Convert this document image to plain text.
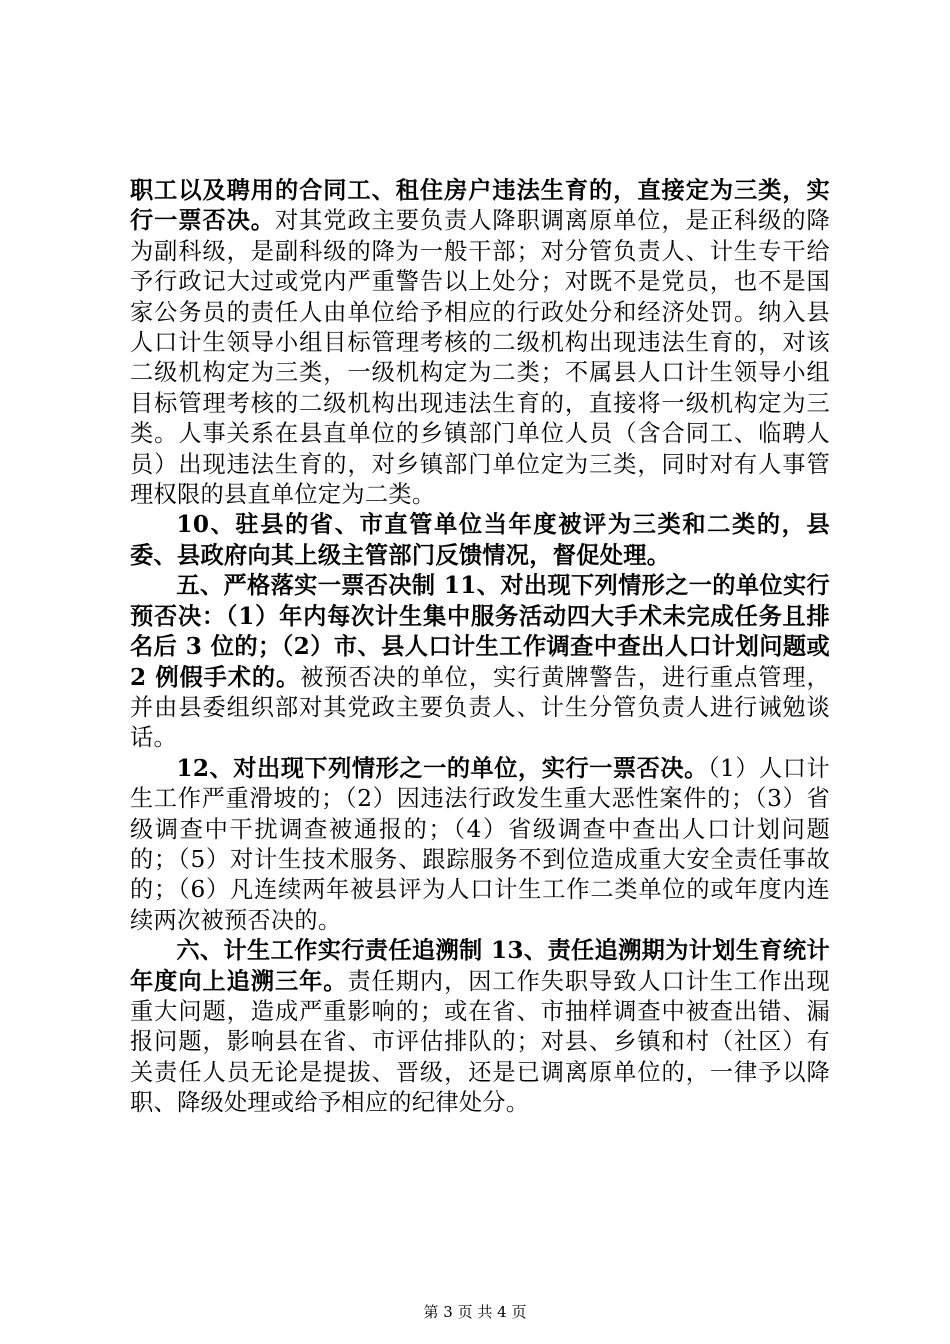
职工以及聘用的合同工、租住房户违法生育的，直接定为三类，实行一票否决。对其党政主要负责人降职调离原单位，是正科级的降为副科级，是副科级的降为一般干部；对分管负责人、计生专干给予行政记大过或党内严重警告以上处分；对既不是党员，也不是国家公务员的责任人由单位给予相应的行政处分和经济处罚。纳入县人口计生领导小组目标管理考核的二级机构出现违法生育的，对该二级机构定为三类，一级机构定为二类；不属县人口计生领导小组目标管理考核的二级机构出现违法生育的，直接将一级机构定为三类。人事关系在县直单位的乡镇部门单位人员（含合同工、临聘人员）出现违法生育的，对乡镇部门单位定为三类，同时对有人事管理权限的县直单位定为二类。

10、驻县的省、市直管单位当年度被评为三类和二类的，县委、县政府向其上级主管部门反馈情况，督促处理。

五、严格落实一票否决制 11、对出现下列情形之一的单位实行预否决：（1）年内每次计生集中服务活动四大手术未完成任务且排名后 3 位的；（2）市、县人口计生工作调查中查出人口计划问题或 2 例假手术的。被预否决的单位，实行黄牌警告，进行重点管理，并由县委组织部对其党政主要负责人、计生分管负责人进行诫勉谈话。

12、对出现下列情形之一的单位，实行一票否决。（1）人口计生工作严重滑坡的；（2）因违法行政发生重大恶性案件的；（3）省级调查中干扰调查被通报的；（4）省级调查中查出人口计划问题的；（5）对计生技术服务、跟踪服务不到位造成重大安全责任事故的；（6）凡连续两年被县评为人口计生工作二类单位的或年度内连续两次被预否决的。

六、计生工作实行责任追溯制 13、责任追溯期为计划生育统计年度向上追溯三年。责任期内，因工作失职导致人口计生工作出现重大问题，造成严重影响的；或在省、市抽样调查中被查出错、漏报问题，影响县在省、市评估排队的；对县、乡镇和村（社区）有关责任人员无论是提拔、晋级，还是已调离原单位的，一律予以降职、降级处理或给予相应的纪律处分。

第 3 页 共 4 页
